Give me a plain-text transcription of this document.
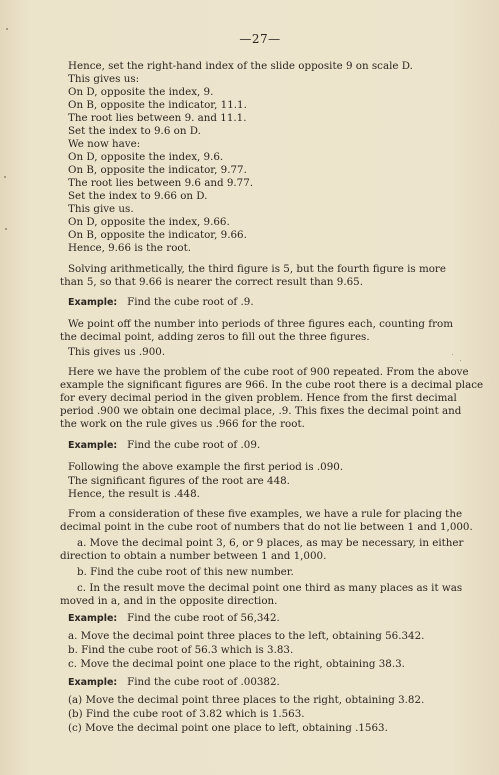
—27—
Hence, set the right-hand index of the slide opposite 9 on scale D.
This gives us:
On D, opposite the index, 9.
On B, opposite the indicator, 11.1.
The root lies between 9. and 11.1.
Set the index to 9.6 on D.
We now have:
On D, opposite the index, 9.6.
On B, opposite the indicator, 9.77.
The root lies between 9.6 and 9.77.
Set the index to 9.66 on D.
This give us.
On D, opposite the index, 9.66.
On B, opposite the indicator, 9.66.
Hence, 9.66 is the root.
Solving arithmetically, the third figure is 5, but the fourth figure is more
than 5, so that 9.66 is nearer the correct result than 9.65.
Example: Find the cube root of .9.
We point off the number into periods of three figures each, counting from
the decimal point, adding zeros to fill out the three figures.
This gives us .900.
Here we have the problem of the cube root of 900 repeated. From the above
example the significant figures are 966. In the cube root there is a decimal place
for every decimal period in the given problem. Hence from the first decimal
period .900 we obtain one decimal place, .9. This fixes the decimal point and
the work on the rule gives us .966 for the root.
Example: Find the cube root of .09.
Following the above example the first period is .090.
The significant figures of the root are 448.
Hence, the result is .448.
From a consideration of these five examples, we have a rule for placing the
decimal point in the cube root of numbers that do not lie between 1 and 1,000.
a. Move the decimal point 3, 6, or 9 places, as may be necessary, in either
direction to obtain a number between 1 and 1,000.
b. Find the cube root of this new number.
c. In the result move the decimal point one third as many places as it was
moved in a, and in the opposite direction.
Example: Find the cube root of 56,342.
a. Move the decimal point three places to the left, obtaining 56.342.
b. Find the cube root of 56.3 which is 3.83.
c. Move the decimal point one place to the right, obtaining 38.3.
Example: Find the cube root of .00382.
(a) Move the decimal point three places to the right, obtaining 3.82.
(b) Find the cube root of 3.82 which is 1.563.
(c) Move the decimal point one place to left, obtaining .1563.
